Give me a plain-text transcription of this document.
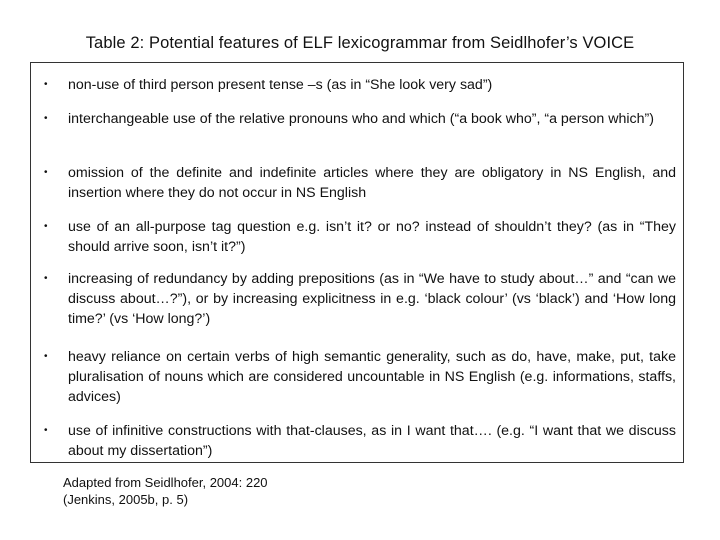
Table 2: Potential features of ELF lexicogrammar from Seidlhofer’s VOICE
• non-use of third person present tense –s (as in “She look very sad”)
• interchangeable use of the relative pronouns who and which (“a book who”, “a person which”)
• omission of the definite and indefinite articles where they are obligatory in NS English, and insertion where they do not occur in NS English
• use of an all-purpose tag question e.g. isn’t it? or no? instead of shouldn’t they? (as in “They should arrive soon, isn’t it?”)
• increasing of redundancy by adding prepositions (as in “We have to study about…” and “can we discuss about…?”), or by increasing explicitness in e.g. ‘black colour’ (vs ‘black’) and ‘How long time?’ (vs ‘How long?’)
• heavy reliance on certain verbs of high semantic generality, such as do, have, make, put, take pluralisation of nouns which are considered uncountable in NS English (e.g. informations, staffs, advices)
• use of infinitive constructions with that-clauses, as in I want that…. (e.g. “I want that we discuss about my dissertation”)
Adapted from Seidlhofer, 2004: 220
(Jenkins, 2005b, p. 5)
